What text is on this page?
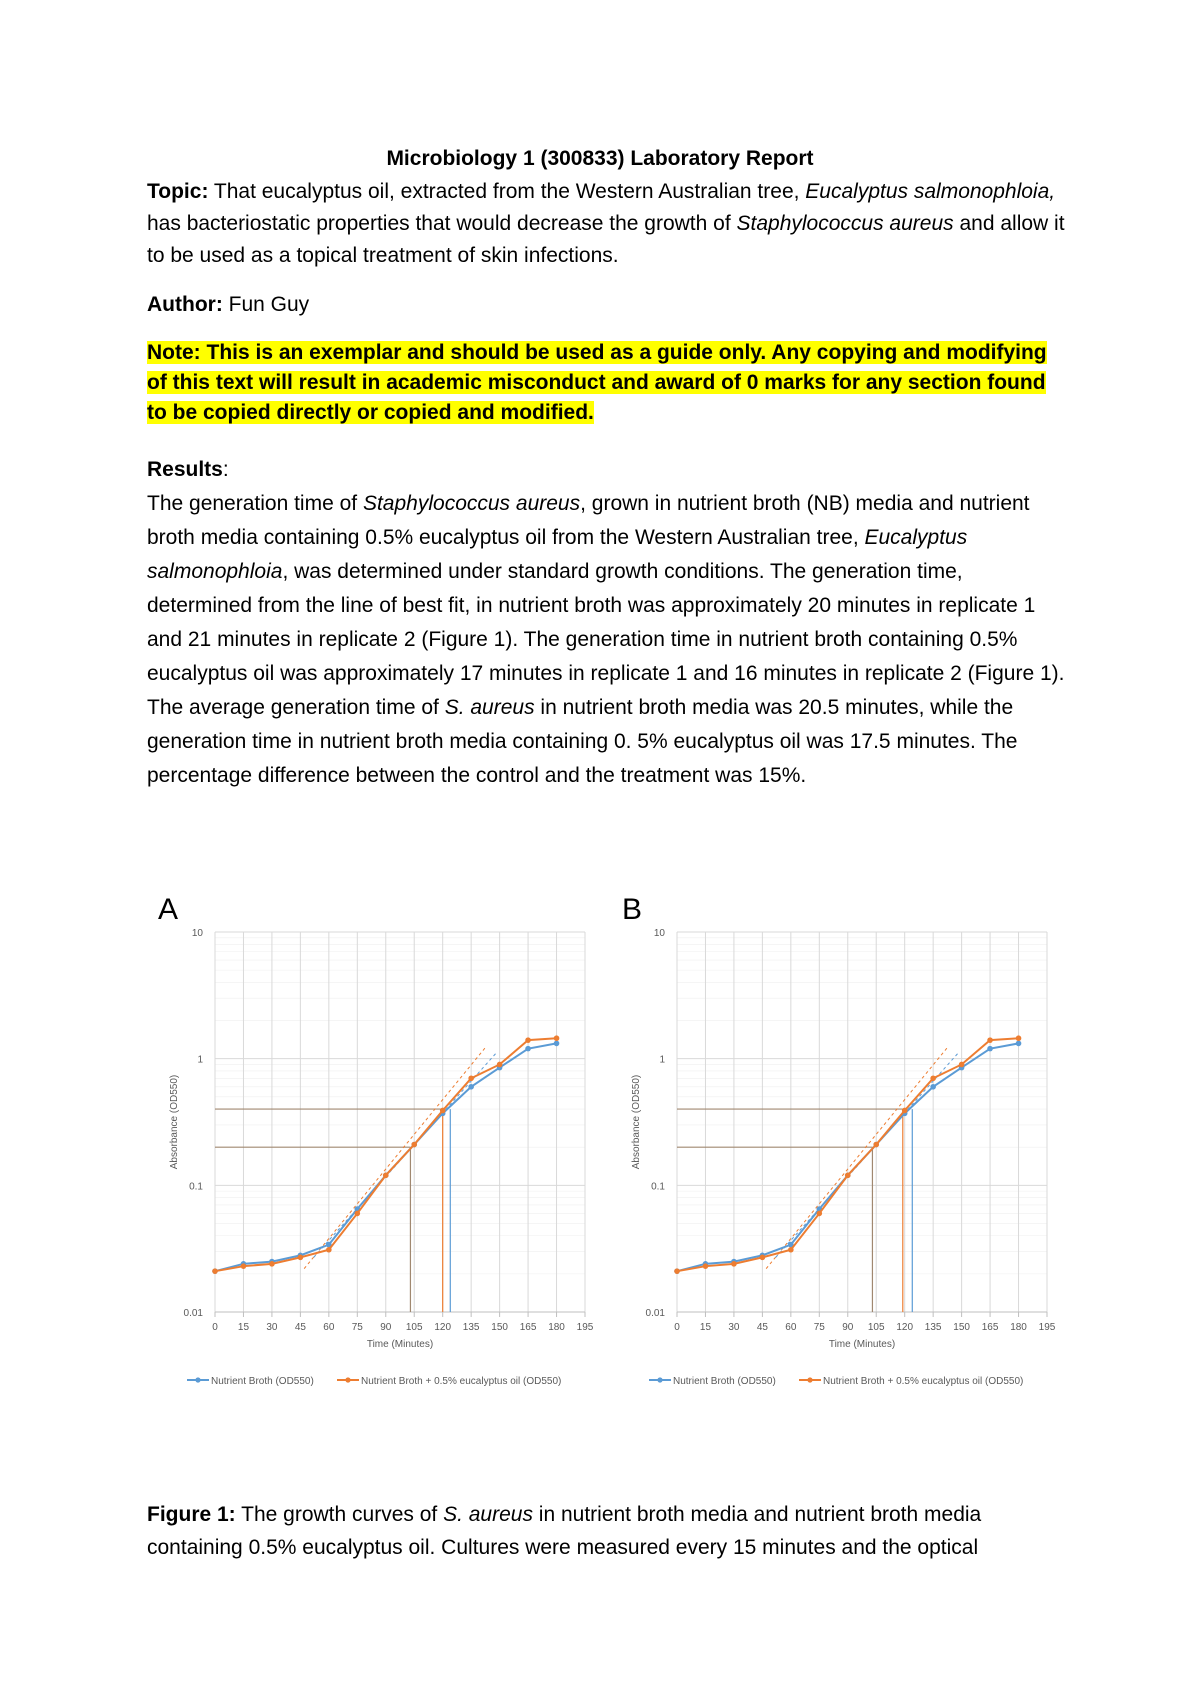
Microbiology 1 (300833) Laboratory Report
Topic: That eucalyptus oil, extracted from the Western Australian tree, Eucalyptus salmonophloia, has bacteriostatic properties that would decrease the growth of Staphylococcus aureus and allow it to be used as a topical treatment of skin infections.
Author: Fun Guy
Note: This is an exemplar and should be used as a guide only. Any copying and modifying of this text will result in academic misconduct and award of 0 marks for any section found to be copied directly or copied and modified.
Results:
The generation time of Staphylococcus aureus, grown in nutrient broth (NB) media and nutrient broth media containing 0.5% eucalyptus oil from the Western Australian tree, Eucalyptus salmonophloia, was determined under standard growth conditions. The generation time, determined from the line of best fit, in nutrient broth was approximately 20 minutes in replicate 1 and 21 minutes in replicate 2 (Figure 1). The generation time in nutrient broth containing 0.5% eucalyptus oil was approximately 17 minutes in replicate 1 and 16 minutes in replicate 2 (Figure 1). The average generation time of S. aureus in nutrient broth media was 20.5 minutes, while the generation time in nutrient broth media containing 0. 5% eucalyptus oil was 17.5 minutes. The percentage difference between the control and the treatment was 15%.
A	B
0.01
0.1
1
10
0 15 30 45 60 75 90 105 120 135 150 165 180 195
Time (Minutes)
Absorbance (OD550)
Nutrient Broth (OD550)	Nutrient Broth + 0.5% eucalyptus oil (OD550)
0.01
0.1
1
10
0 15 30 45 60 75 90 105 120 135 150 165 180 195
Time (Minutes)
Absorbance (OD550)
Nutrient Broth (OD550)	Nutrient Broth + 0.5% eucalyptus oil (OD550)
Figure 1: The growth curves of S. aureus in nutrient broth media and nutrient broth media containing 0.5% eucalyptus oil. Cultures were measured every 15 minutes and the optical
